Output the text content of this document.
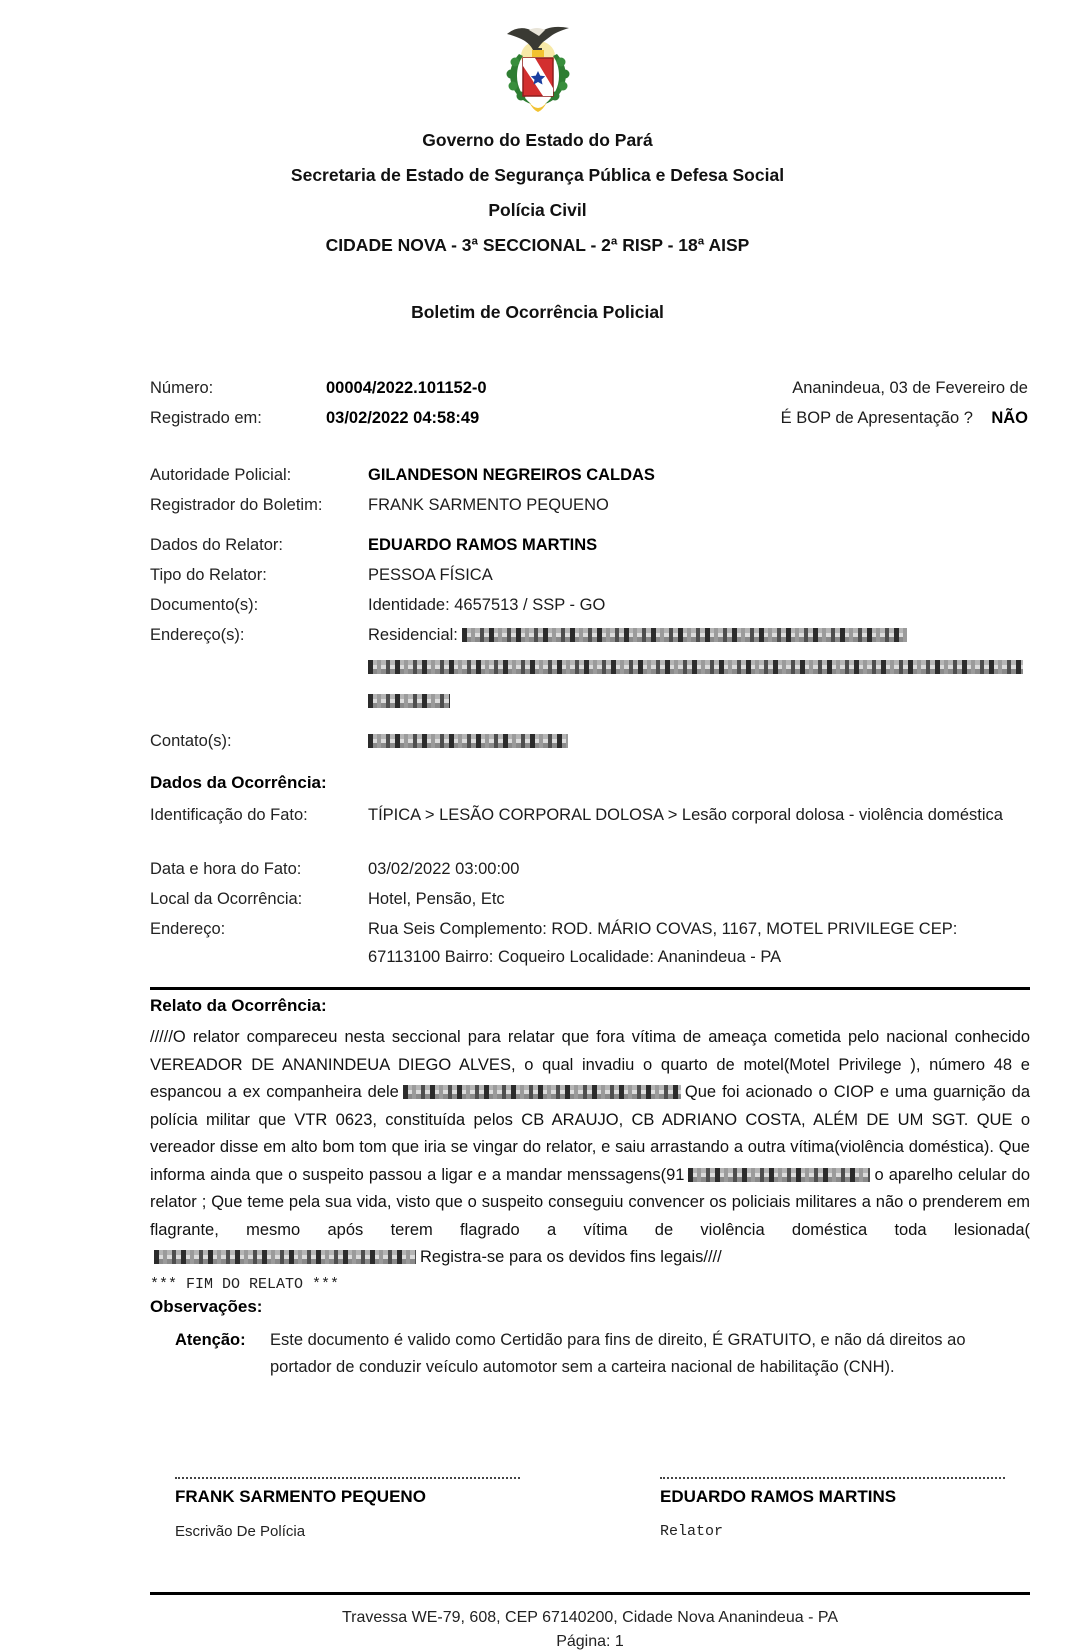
Governo do Estado do Pará
Secretaria de Estado de Segurança Pública e Defesa Social
Polícia Civil
CIDADE NOVA - 3ª SECCIONAL - 2ª RISP - 18ª AISP
Boletim de Ocorrência Policial
Número:	00004/2022.101152-0	Ananindeua, 03 de Fevereiro de
Registrado em:	03/02/2022 04:58:49	É BOP de Apresentação ? NÃO
Autoridade Policial:	GILANDESON NEGREIROS CALDAS
Registrador do Boletim:	FRANK SARMENTO PEQUENO
Dados do Relator:	EDUARDO RAMOS MARTINS
Tipo do Relator:	PESSOA FÍSICA
Documento(s):	Identidade: 4657513 / SSP - GO
Endereço(s):	Residencial:
Contato(s):
Dados da Ocorrência:
Identificação do Fato:	TÍPICA > LESÃO CORPORAL DOLOSA > Lesão corporal dolosa - violência doméstica
Data e hora do Fato:	03/02/2022 03:00:00
Local da Ocorrência:	Hotel, Pensão, Etc
Endereço:	Rua Seis Complemento: ROD. MÁRIO COVAS, 1167, MOTEL PRIVILEGE CEP: 67113100 Bairro: Coqueiro Localidade: Ananindeua - PA
Relato da Ocorrência:

/////O relator compareceu nesta seccional para relatar que fora vítima de ameaça cometida pelo nacional conhecido VEREADOR DE ANANINDEUA DIEGO ALVES, o qual invadiu o quarto de motel(Motel Privilege ), número 48 e espancou a ex companheira dele	Que foi acionado o CIOP e uma guarnição da polícia militar que VTR 0623, constituída pelos CB ARAUJO, CB ADRIANO COSTA, ALÉM DE UM SGT. QUE o vereador disse em alto bom tom que iria se vingar do relator, e saiu arrastando a outra vítima(violência doméstica). Que informa ainda que o suspeito passou a ligar e a mandar menssagens(91	o aparelho celular do relator ; Que teme pela sua vida, visto que o suspeito conseguiu convencer os policiais militares a não o prenderem em flagrante, mesmo após terem flagrado a vítima de violência doméstica toda lesionada(Registra-se para os devidos fins legais////

*** FIM DO RELATO ***
Observações:
Atenção:	Este documento é valido como Certidão para fins de direito, É GRATUITO, e não dá direitos ao portador de conduzir veículo automotor sem a carteira nacional de habilitação (CNH).
FRANK SARMENTO PEQUENO
Escrivão De Polícia
EDUARDO RAMOS MARTINS
Relator
Travessa WE-79, 608, CEP 67140200, Cidade Nova Ananindeua - PA
Página: 1
